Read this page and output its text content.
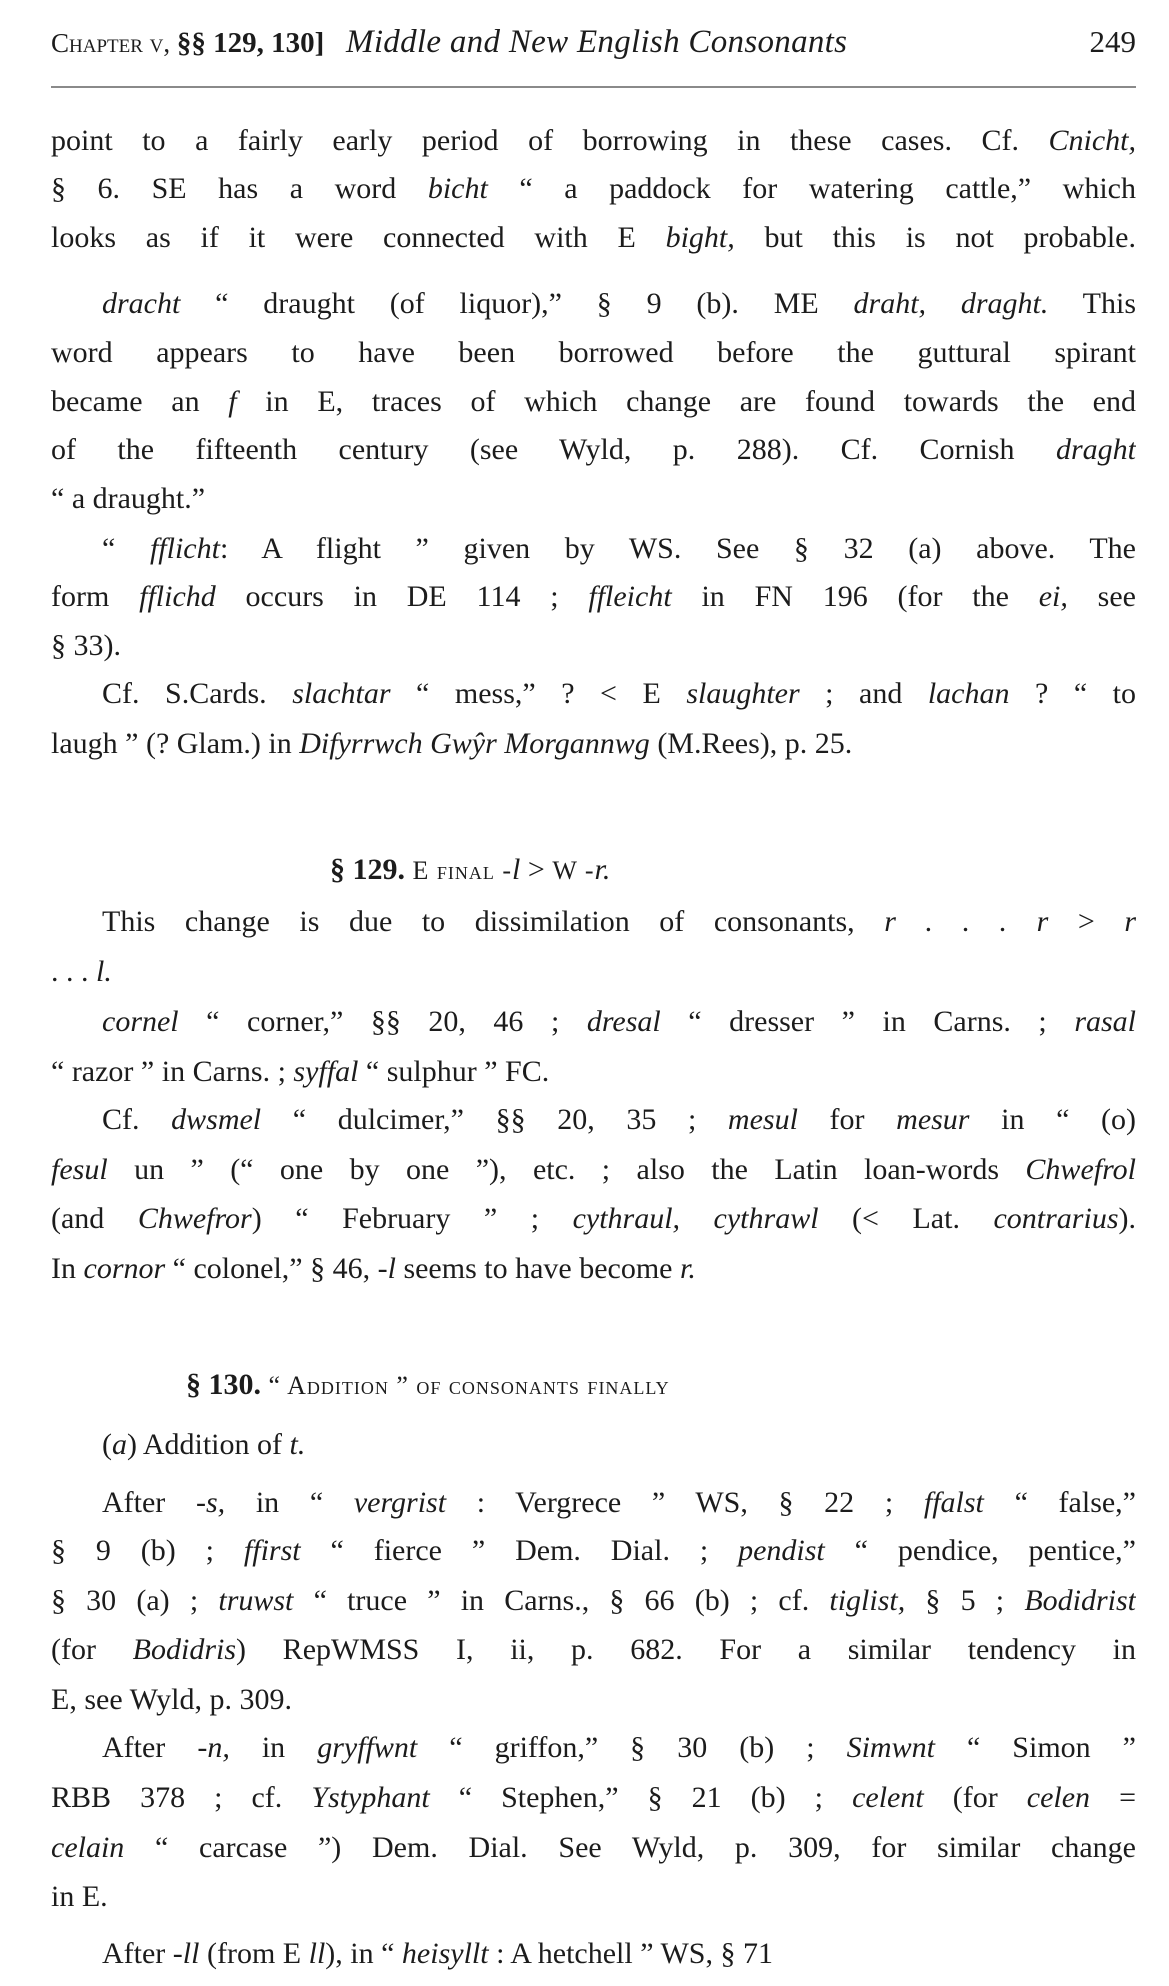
Chapter v, §§ 129, 130] Middle and New English Consonants	249
point to a fairly early period of borrowing in these cases. Cf. Cnicht,
§ 6. SE has a word bicht “ a paddock for watering cattle,” which
looks as if it were connected with E bight, but this is not probable.
dracht “ draught (of liquor),” § 9 (b). ME draht, draght. This
word appears to have been borrowed before the guttural spirant
became an f in E, traces of which change are found towards the end
of the fifteenth century (see Wyld, p. 288). Cf. Cornish draght
“ a draught.”
“ fflicht: A flight ” given by WS. See § 32 (a) above. The
form fflichd occurs in DE 114 ; ffleicht in FN 196 (for the ei, see
§ 33).
Cf. S.Cards. slachtar “ mess,” ? < E slaughter ; and lachan ? “ to
laugh ” (? Glam.) in Difyrrwch Gwŷr Morgannwg (M.Rees), p. 25.
§ 129. E final -l > W -r.
This change is due to dissimilation of consonants, r . . . r > r
. . . l.
cornel “ corner,” §§ 20, 46 ; dresal “ dresser ” in Carns. ; rasal
“ razor ” in Carns. ; syffal “ sulphur ” FC.
Cf. dwsmel “ dulcimer,” §§ 20, 35 ; mesul for mesur in “ (o)
fesul un ” (“ one by one ”), etc. ; also the Latin loan-words Chwefrol
(and Chwefror) “ February ” ; cythraul, cythrawl (< Lat. contrarius).
In cornor “ colonel,” § 46, -l seems to have become r.
§ 130. “ Addition ” of consonants finally
(a) Addition of t.
After -s, in “ vergrist : Vergrece ” WS, § 22 ; ffalst “ false,”
§ 9 (b) ; ffirst “ fierce ” Dem. Dial. ; pendist “ pendice, pentice,”
§ 30 (a) ; truwst “ truce ” in Carns., § 66 (b) ; cf. tiglist, § 5 ; Bodidrist
(for Bodidris) RepWMSS I, ii, p. 682. For a similar tendency in
E, see Wyld, p. 309.
After -n, in gryffwnt “ griffon,” § 30 (b) ; Simwnt “ Simon ”
RBB 378 ; cf. Ystyphant “ Stephen,” § 21 (b) ; celent (for celen =
celain “ carcase ”) Dem. Dial. See Wyld, p. 309, for similar change
in E.
After -ll (from E ll), in “ heisyllt : A hetchell ” WS, § 71
